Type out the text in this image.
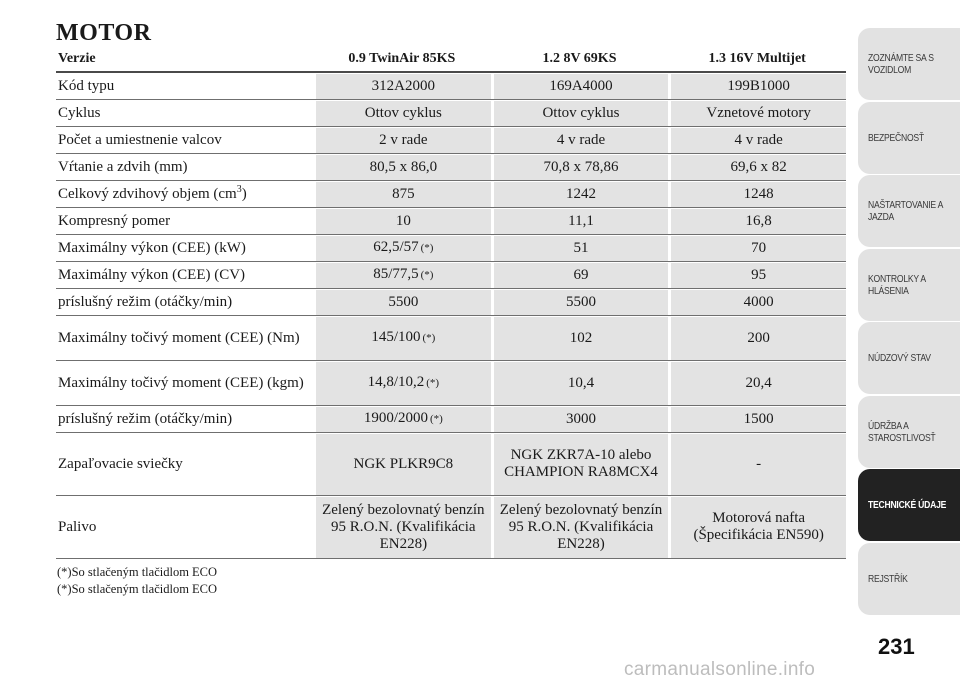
MOTOR
Verzie	0.9 TwinAir 85KS	1.2 8V 69KS	1.3 16V Multijet
Kód typu	312A2000	169A4000	199B1000

Cyklus	Ottov cyklus	Ottov cyklus	Vznetové motory

Počet a umiestnenie valcov	2 v rade	4 v rade	4 v rade

Vŕtanie a zdvih (mm)	80,5 x 86,0	70,8 x 78,86	69,6 x 82

Celkový zdvihový objem $(cm^3)$	875	1242	1248

Kompresný pomer	10	11,1	16,8

Maximálny výkon (CEE) (kW)	62,5/57 (*)	51	70

Maximálny výkon (CEE) (CV)	85/77,5 (*)	69	95

príslušný režim (otáčky/min)	5500	5500	4000

Maximálny točivý moment (CEE) (Nm)	145/100 (*)	102	200

Maximálny točivý moment (CEE) (kgm)	14,8/10,2 (*)	10,4	20,4

príslušný režim (otáčky/min)	1900/2000 (*)	3000	1500

Zapaľovacie sviečky	NGK PLKR9C8	NGK ZKR7A-10 alebo CHAMPION RA8MCX4	-

Palivo	Zelený bezolovnatý benzín 95 R.O.N. (Kvalifikácia EN228)	Zelený bezolovnatý benzín 95 R.O.N. (Kvalifikácia EN228)	Motorová nafta (Špecifikácia EN590)
(*)So stlačeným tlačidlom ECO
(*)So stlačeným tlačidlom ECO
ZOZNÁMTE SA S VOZIDLOM
BEZPEČNOSŤ
NAŠTARTOVANIE A JAZDA
KONTROLKY A HLÁSENIA
NÚDZOVÝ STAV
ÚDRŽBA A STAROSTLIVOSŤ
TECHNICKÉ ÚDAJE
REJSTŘÍK
231
carmanualsonline.info
